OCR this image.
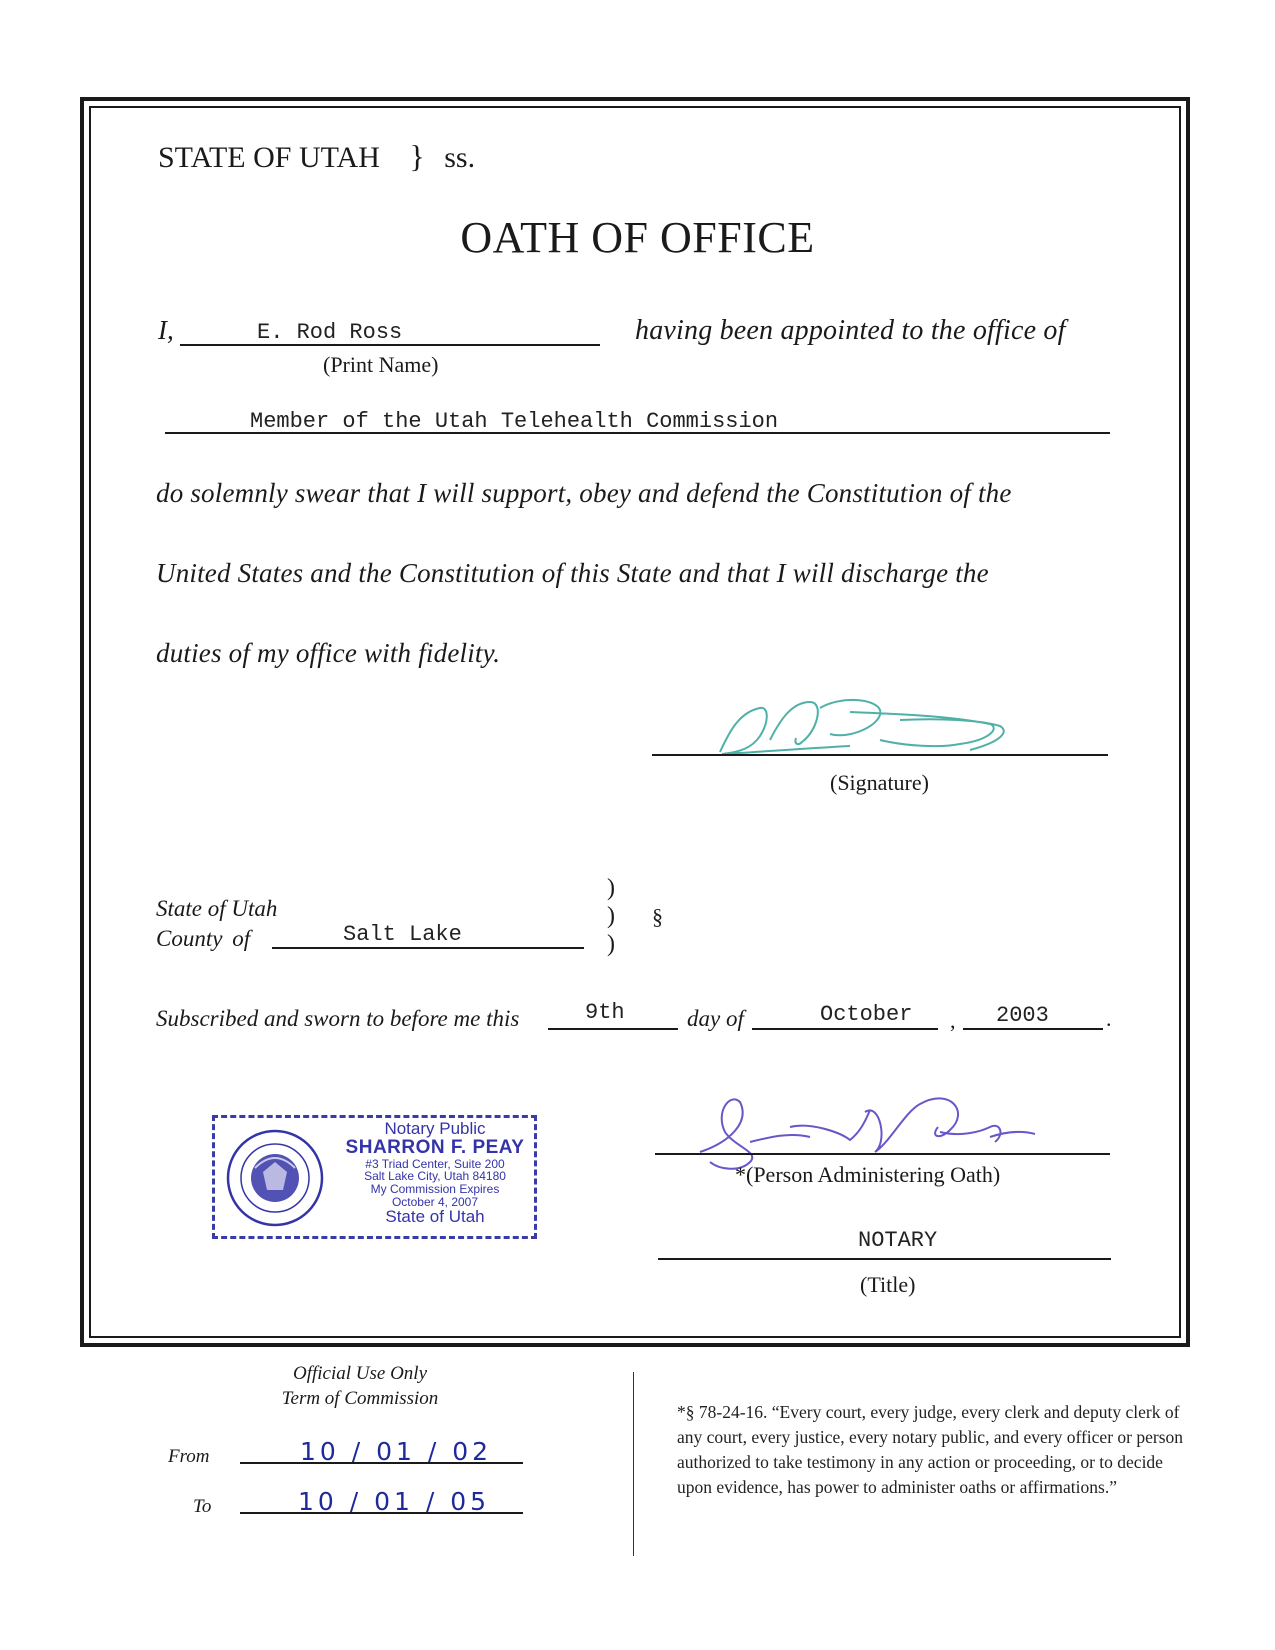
STATE OF UTAH } ss.
OATH OF OFFICE
I,	E. Rod Ross
(Print Name)
having been appointed to the office of
Member of the Utah Telehealth Commission
do solemnly swear that I will support, obey and defend the Constitution of the
United States and the Constitution of this State and that I will discharge the
duties of my office with fidelity.
(Signature)
State of Utah
County of	Salt Lake
)
)
)
§
Subscribed and sworn to before me this	9th	day of	October , 2003	.
Notary Public
SHARRON F. PEAY
#3 Triad Center, Suite 200
Salt Lake City, Utah 84180
My Commission Expires
October 4, 2007
State of Utah
*(Person Administering Oath)
NOTARY
(Title)
Official Use Only
Term of Commission
From	10 / 01 / 02
To	10 / 01 / 05
*§ 78-24-16. “Every court, every judge, every clerk and deputy clerk of any court, every justice, every notary public, and every officer or person authorized to take testimony in any action or proceeding, or to decide upon evidence, has power to administer oaths or affirmations.”
